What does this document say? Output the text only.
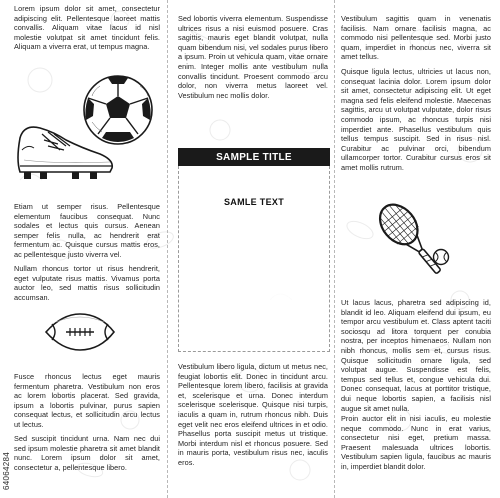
Lorem ipsum dolor sit amet, consectetur adipiscing elit. Pellentesque laoreet mattis convallis. Aliquam vitae lacus id nisl molestie volutpat sit amet tincidunt felis. Aliquam a viverra erat, ut tempus magna.

Etiam ut semper risus. Pellentesque elementum faucibus consequat. Nunc sodales et lectus quis cursus. Aenean semper felis nulla, ac hendrerit erat fermentum ac. Quisque cursus mattis eros, ac pellentesque justo viverra vel.

Nullam rhoncus tortor ut risus hendrerit, eget vulputate risus mattis. Vivamus porta auctor leo, sed mattis risus sollicitudin accumsan.

Fusce rhoncus lectus eget mauris fermentum pharetra. Vestibulum non eros ac lorem lobortis placerat. Sed gravida, ipsum a lobortis pulvinar, purus sapien consequat lectus, et sollicitudin arcu lectus ut lectus.

Sed suscipit tincidunt urna. Nam nec dui sed ipsum molestie pharetra sit amet blandit nunc. Lorem ipsum dolor sit amet, consectetur a, pellentesque libero.

64064284

Sed lobortis viverra elementum. Suspendisse ultrices risus a nisi euismod posuere. Cras sagittis, mauris eget blandit volutpat, nulla quam bibendum nisi, vel sodales purus libero a ipsum. Proin ut vehicula quam, vitae ornare enim. Integer mollis ante vestibulum nulla convallis tincidunt. Proesent commodo arcu dolor, non viverra metus laoreet vel. Vestibulum nec mollis dolor.

SAMPLE TITLE
SAMLE TEXT

Vestibulum libero ligula, dictum ut metus nec, feugiat lobortis elit. Donec in tincidunt arcu. Pellentesque lorem libero, facilisis at gravida et, scelerisque et urna. Donec interdum scelerisque scelerisque. Quisque nisi turpis, iaculis a quam in, rutrum rhoncus nibh. Duis eget velit nec eros eleifend ultrices in et odio. Phasellus porta suscipit metus ut tristique. Morbi interdum nisl et rhoncus posuere. Sed in mauris porta, vestibulum risus nec, iaculis eros.

Vestibulum sagittis quam in venenatis facilisis. Nam ornare facilisis magna, ac commodo nisi pellentesque sed. Morbi justo quam, imperdiet in rhoncus nec, viverra sit amet tellus.

Quisque ligula lectus, ultricies ut lacus non, consequat lacinia dolor. Lorem ipsum dolor sit amet, consectetur adipiscing elit. Ut eget magna sed felis eleifend molestie. Maecenas sagittis, arcu ut volutpat vulputate, dolor risus commodo ipsum, ac rhoncus turpis nisi imperdiet ante. Phasellus vestibulum quis tellus tempus suscipit. Sed in risus nisl. Curabitur ac pulvinar orci, bibendum ullamcorper tortor. Curabitur cursus eros sit amet mollis rutrum.

Ut lacus lacus, pharetra sed adipiscing id, blandit id leo. Aliquam eleifend dui ipsum, eu tempor arcu vestibulum et. Class aptent taciti sociosqu ad litora torquent per conubia nostra, per inceptos himenaeos. Nullam non nibh rhoncus, mollis sem et, cursus risus. Quisque sollicitudin ornare ligula, sed volutpat augue. Suspendisse est felis, tempus sed tellus et, congue vehicula dui. Donec consequat, lacus at porttitor tristique, dui neque lobortis sapien, a facilisis nisl augue sit amet nulla.

Proin auctor elit in nisi iaculis, eu molestie neque commodo. Nunc in erat varius, consectetur nisi eget, pretium massa. Praesent malesuada ultrices lobortis. Vestibulum sapien ligula, faucibus ac mauris in, imperdiet blandit dolor.
